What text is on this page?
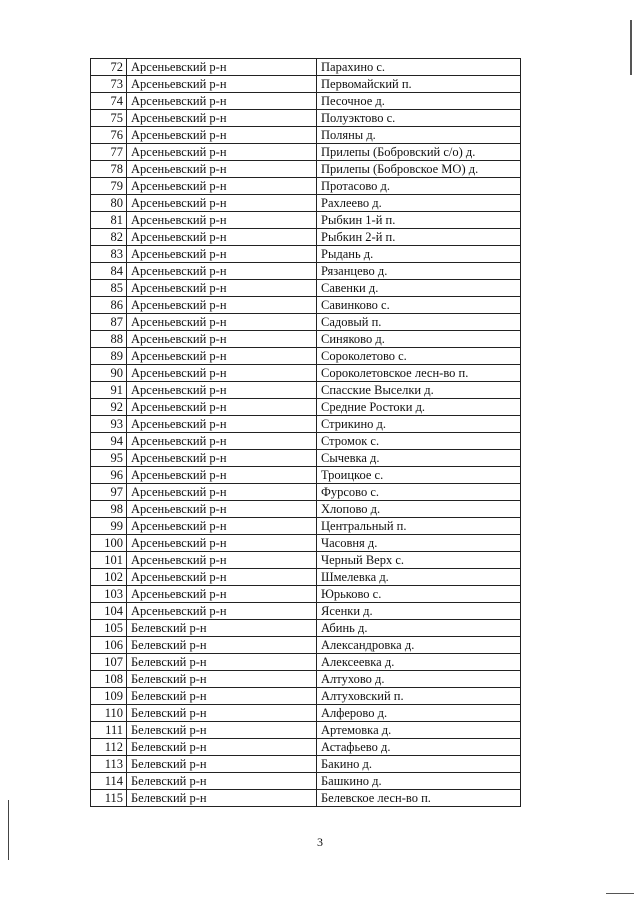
72	Арсеньевский р-н	Парахино с.
73	Арсеньевский р-н	Первомайский п.
74	Арсеньевский р-н	Песочное д.
75	Арсеньевский р-н	Полуэктово с.
76	Арсеньевский р-н	Поляны д.
77	Арсеньевский р-н	Прилепы (Бобровский с/о) д.
78	Арсеньевский р-н	Прилепы (Бобровское МО) д.
79	Арсеньевский р-н	Протасово д.
80	Арсеньевский р-н	Рахлеево д.
81	Арсеньевский р-н	Рыбкин 1-й п.
82	Арсеньевский р-н	Рыбкин 2-й п.
83	Арсеньевский р-н	Рыдань д.
84	Арсеньевский р-н	Рязанцево д.
85	Арсеньевский р-н	Савенки д.
86	Арсеньевский р-н	Савинково с.
87	Арсеньевский р-н	Садовый п.
88	Арсеньевский р-н	Синяково д.
89	Арсеньевский р-н	Сороколетово с.
90	Арсеньевский р-н	Сороколетовское лесн-во п.
91	Арсеньевский р-н	Спасские Выселки д.
92	Арсеньевский р-н	Средние Ростоки д.
93	Арсеньевский р-н	Стрикино д.
94	Арсеньевский р-н	Стромок с.
95	Арсеньевский р-н	Сычевка д.
96	Арсеньевский р-н	Троицкое с.
97	Арсеньевский р-н	Фурсово с.
98	Арсеньевский р-н	Хлопово д.
99	Арсеньевский р-н	Центральный п.
100	Арсеньевский р-н	Часовня д.
101	Арсеньевский р-н	Черный Верх с.
102	Арсеньевский р-н	Шмелевка д.
103	Арсеньевский р-н	Юрьково с.
104	Арсеньевский р-н	Ясенки д.
105	Белевский р-н	Абинь д.
106	Белевский р-н	Александровка д.
107	Белевский р-н	Алексеевка д.
108	Белевский р-н	Алтухово д.
109	Белевский р-н	Алтуховский п.
110	Белевский р-н	Алферово д.
111	Белевский р-н	Артемовка д.
112	Белевский р-н	Астафьево д.
113	Белевский р-н	Бакино д.
114	Белевский р-н	Башкино д.
115	Белевский р-н	Белевское лесн-во п.
3
